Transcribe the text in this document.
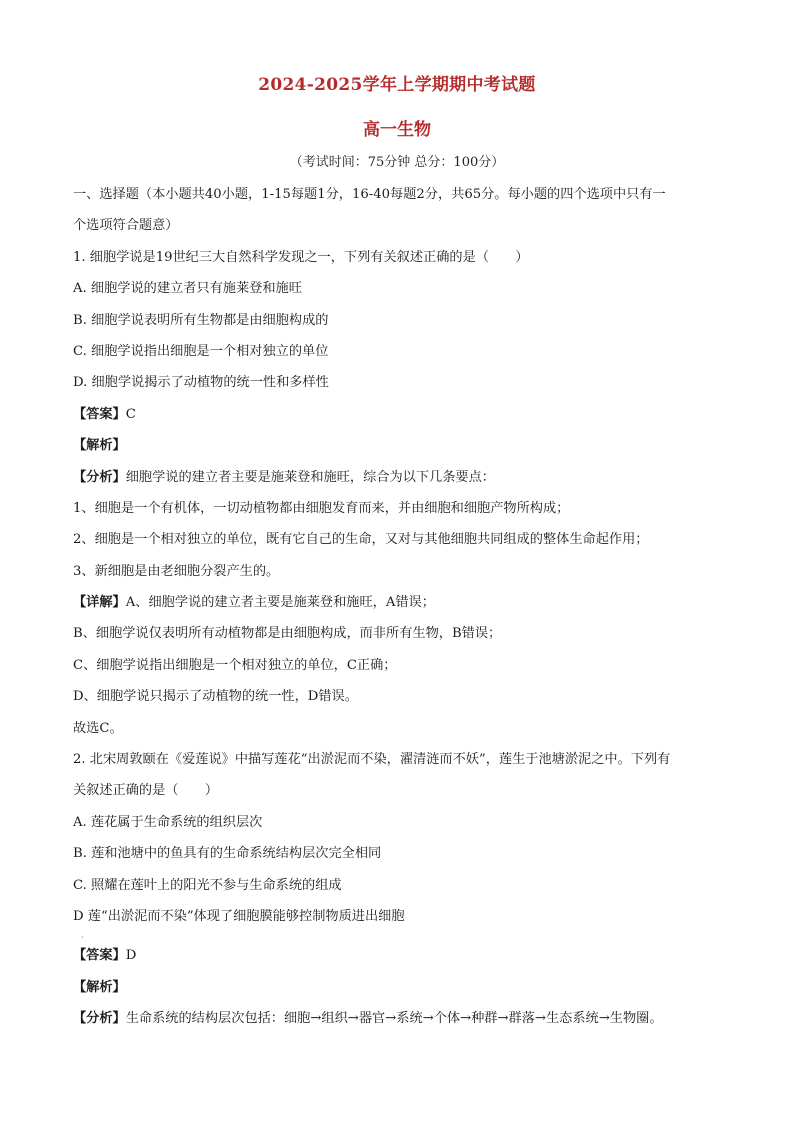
2024-2025学年上学期期中考试题
高一生物
（考试时间：75分钟 总分：100分）
一、选择题（本小题共40小题，1-15每题1分，16-40每题2分，共65分。每小题的四个选项中只有一
个选项符合题意）
1. 细胞学说是19世纪三大自然科学发现之一，下列有关叙述正确的是（　　）
A. 细胞学说的建立者只有施莱登和施旺
B. 细胞学说表明所有生物都是由细胞构成的
C. 细胞学说指出细胞是一个相对独立的单位
D. 细胞学说揭示了动植物的统一性和多样性
【答案】C
【解析】
【分析】细胞学说的建立者主要是施莱登和施旺，综合为以下几条要点：
1、细胞是一个有机体，一切动植物都由细胞发育而来，并由细胞和细胞产物所构成；
2、细胞是一个相对独立的单位，既有它自己的生命，又对与其他细胞共同组成的整体生命起作用；
3、新细胞是由老细胞分裂产生的。
【详解】A、细胞学说的建立者主要是施莱登和施旺，A错误；
B、细胞学说仅表明所有动植物都是由细胞构成，而非所有生物，B错误；
C、细胞学说指出细胞是一个相对独立的单位，C正确；
D、细胞学说只揭示了动植物的统一性，D错误。
故选C。
2. 北宋周敦颐在《爱莲说》中描写莲花“出淤泥而不染，濯清涟而不妖”，莲生于池塘淤泥之中。下列有
关叙述正确的是（　　）
A. 莲花属于生命系统的组织层次
B. 莲和池塘中的鱼具有的生命系统结构层次完全相同
C. 照耀在莲叶上的阳光不参与生命系统的组成
D 莲“出淤泥而不染”体现了细胞膜能够控制物质进出细胞
·
【答案】D
【解析】
【分析】生命系统的结构层次包括：细胞→组织→器官→系统→个体→种群→群落→生态系统→生物圈。
